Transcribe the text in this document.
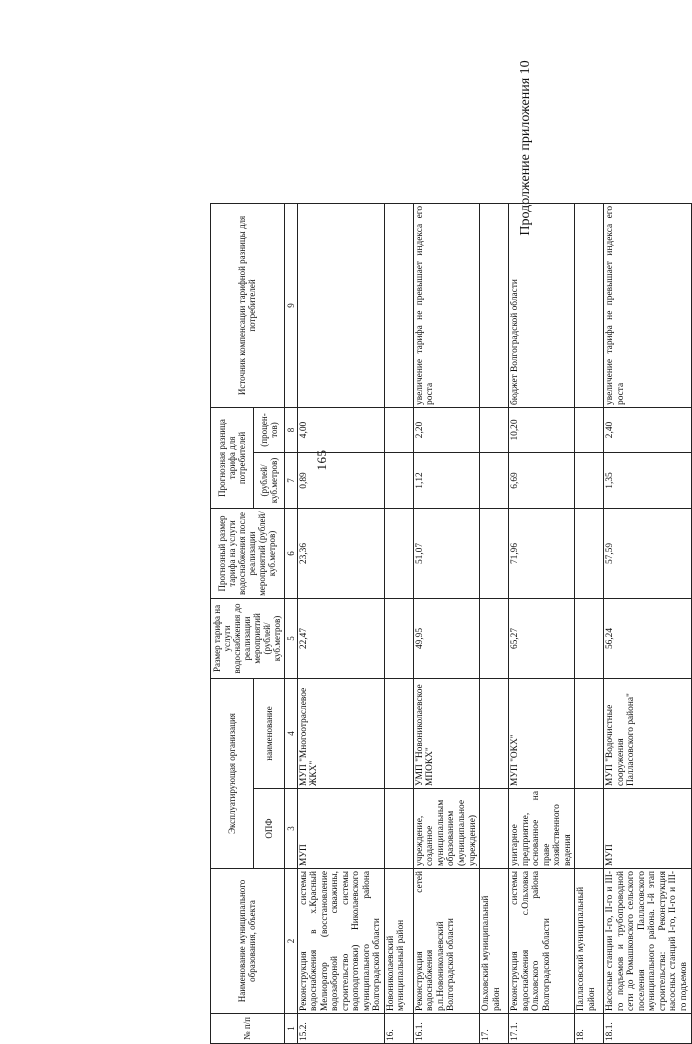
165
Продолжение приложения 10
№ п/п	Наименование муниципального образования, объекта	Эксплуатирующая организация		Размер тарифа на услуги водоснабжения до реализации мероприятий (рублей/ куб.метров)	Прогнозный размер тарифа на услуги водоснабжения после реализации мероприятий (рублей/ куб.метров)	Прогнозная разница тарифа для потребителей		Источник компенсации тарифной разницы для потребителей
		ОПФ	наименование			(рублей/ куб.метров)	(процен- тов)	
1	2	3	4	5	6	7	8	9
15.2.	Реконструкция системы водоснабжения в х.Красный Мелиоратор (восстановление водозаборной скважины, строительство системы водоподготовки) Николаевского муниципального района Волгоградской области	МУП	МУП "Многоотраслевое ЖКХ"	22,47	23,36	0,89	4,00	
16.	Новониколаевский муниципальный район							
16.1.	Реконструкция сетей водоснабжения р.п.Новониколаевский Волгоградской области	учреждение, созданное муниципальным образованием (муниципальное учреждение)	УМП "Новониколаевское МПОКХ"	49,95	51,07	1,12	2,20	увеличение тарифа не превышает индекса его роста
17.	Ольховский муниципальный район							
17.1.	Реконструкция системы водоснабжения с.Ольховка Ольховского района Волгоградской области	унитарное предприятие, основанное на праве хозяйственного ведения	МУП "ОКХ"	65,27	71,96	6,69	10,20	бюджет Волгоградской области
18.	Палласовский муниципальный район							
18.1.	Насосные станции I-го, II-го и III-го подъемов и трубопроводной сети до Ромашковского сельского поселения Палласовского муниципального района. I-й этап строительства: Реконструкция насосных станций I-го, II-го и III-го подъемов	МУП	МУП "Водочистные сооружения Палласовского района"	56,24	57,59	1,35	2,40	увеличение тарифа не превышает индекса его роста
